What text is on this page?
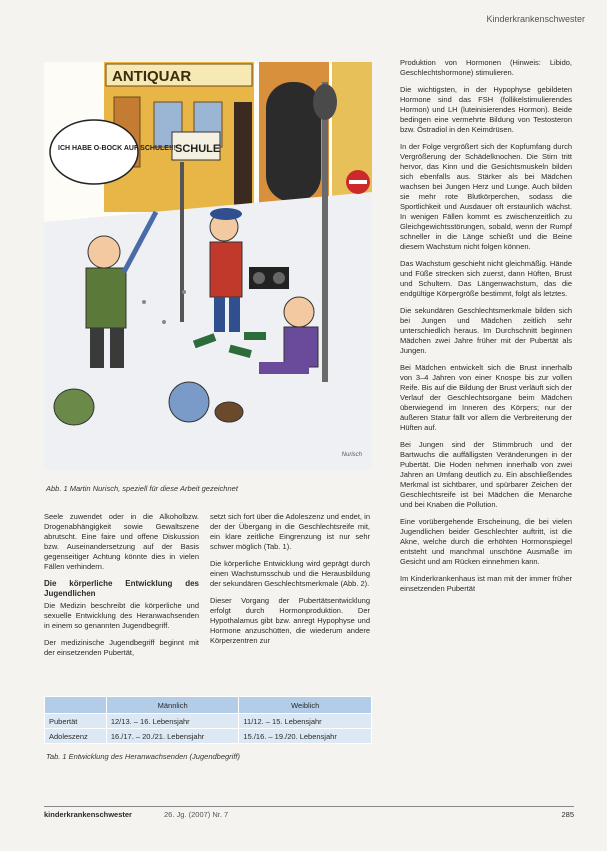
Kinderkrankenschwester
ANTIQUAR
SCHULE
ICH HABE O-BOCK AUF SCHULE!!!
Nurisch
Abb. 1 Martin Nurisch, speziell für diese Arbeit gezeichnet

Seele zuwendet oder in die Alkoholbzw. Drogenabhängigkeit sowie Gewaltszene abrutscht. Eine faire und offene Diskussion bzw. Auseinandersetzung auf der Basis gegenseitiger Achtung könnte dies in vielen Fällen verhindern.

Die körperliche Entwicklung des Jugendlichen

Die Medizin beschreibt die körperliche und sexuelle Entwicklung des Heranwachsenden in einem so genannten Jugendbegriff.

Der medizinische Jugendbegriff beginnt mit der einsetzenden Pubertät,

setzt sich fort über die Adoleszenz und endet, in der der Übergang in die Geschlechtsreife mit, ein klare zeitliche Eingrenzung ist nur sehr schwer möglich (Tab. 1).

Die körperliche Entwicklung wird geprägt durch einen Wachstumsschub und die Herausbildung der sekundären Geschlechtsmerkmale (Abb. 2).

Dieser Vorgang der Pubertätsentwicklung erfolgt durch Hormonproduktion. Der Hypothalamus gibt bzw. anregt Hypophyse und Hormone anzuschütten, die wiederum andere Körperzentren zur

Produktion von Hormonen (Hinweis: Libido, Geschlechtshormone) stimulieren.

Die wichtigsten, in der Hypophyse gebildeten Hormone sind das FSH (follikelstimulierendes Hormon) und LH (luteinisierendes Hormon). Beide bedingen eine vermehrte Bildung von Testosteron bzw. Östradiol in den Keimdrüsen.

In der Folge vergrößert sich der Kopfumfang durch Vergrößerung der Schädelknochen. Die Stirn tritt hervor, das Kinn und die Gesichtsmuskeln bilden sich ebenfalls aus. Stärker als bei Mädchen wachsen bei Jungen Herz und Lunge. Auch bilden sie mehr rote Blutkörperchen, sodass die Sportlichkeit und Ausdauer oft erstaunlich wächst. In wenigen Fällen kommt es zwischenzeitlich zu Gleichgewichtsstörungen, sobald, wenn der Rumpf schneller in die Länge schießt und die Beine diesem Wachstum nicht folgen können.

Das Wachstum geschieht nicht gleichmäßig. Hände und Füße strecken sich zuerst, dann Hüften, Brust und Schultern. Das Längenwachstum, das die endgültige Körpergröße bestimmt, folgt als letztes.

Die sekundären Geschlechtsmerkmale bilden sich bei Jungen und Mädchen zeitlich sehr unterschiedlich heraus. Im Durchschnitt beginnen Mädchen zwei Jahre früher mit der Pubertät als Jungen.

Bei Mädchen entwickelt sich die Brust innerhalb von 3–4 Jahren von einer Knospe bis zur vollen Reife. Bis auf die Bildung der Brust verläuft sich der Verlauf der Geschlechtsorgane beim Mädchen überwiegend im Inneren des Körpers; nur der äußeren Statur fällt vor allem die Verbreiterung der Hüften auf.

Bei Jungen sind der Stimmbruch und der Bartwuchs die auffälligsten Veränderungen in der Pubertät. Die Hoden nehmen innerhalb von zwei Jahren an Umfang deutlich zu. Ein abschließendes Merkmal ist sichtbarer, und spürbarer Zeichen der Geschlechtsreife ist bei Mädchen die Menarche und bei Knaben die Pollution.

Eine vorübergehende Erscheinung, die bei vielen Jugendlichen beider Geschlechter auftritt, ist die Akne, welche durch die erhöhten Hormonspiegel entsteht und manchmal unschöne Ausmaße im Gesicht und am Rücken einnehmen kann.

Im Kinderkrankenhaus ist man mit der immer früher einsetzenden Pubertät

	Männlich	Weiblich
Pubertät	12/13. – 16. Lebensjahr	11/12. – 15. Lebensjahr
Adoleszenz	16./17. – 20./21. Lebensjahr	15./16. – 19./20. Lebensjahr
Tab. 1 Entwicklung des Heranwachsenden (Jugendbegriff)
kinderkrankenschwester	26. Jg. (2007) Nr. 7	285
